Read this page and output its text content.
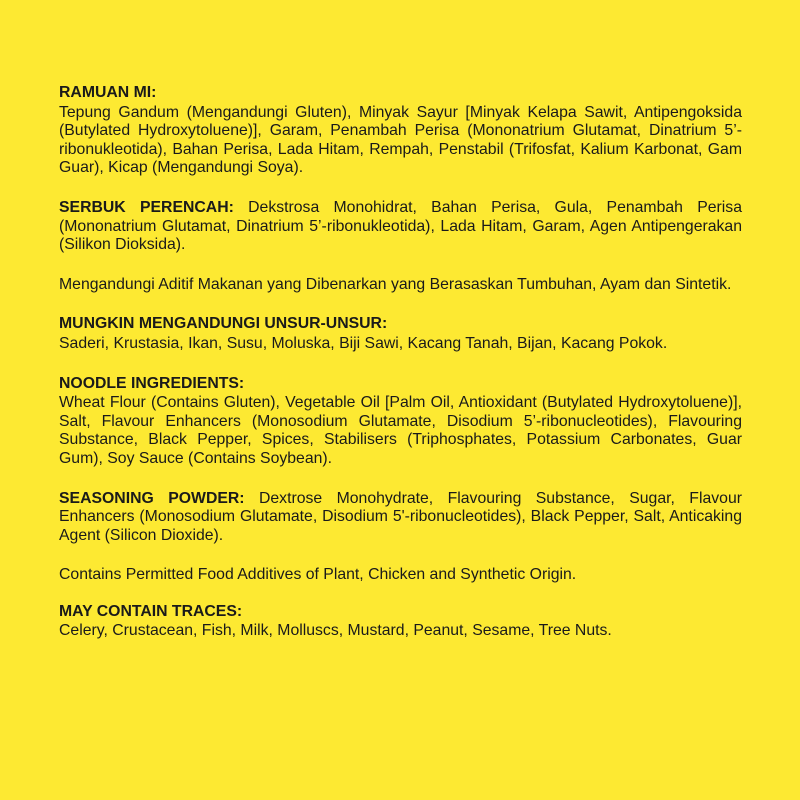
RAMUAN MI:
Tepung Gandum (Mengandungi Gluten), Minyak Sayur [Minyak Kelapa Sawit, Antipengoksida (Butylated Hydroxytoluene)], Garam, Penambah Perisa (Mononatrium Glutamat, Dinatrium 5’-ribonukleotida), Bahan Perisa, Lada Hitam, Rempah, Penstabil (Trifosfat, Kalium Karbonat, Gam Guar), Kicap (Mengandungi Soya).
SERBUK PERENCAH: Dekstrosa Monohidrat, Bahan Perisa, Gula, Penambah Perisa (Mononatrium Glutamat, Dinatrium 5’-ribonukleotida), Lada Hitam, Garam, Agen Antipengerakan (Silikon Dioksida).
Mengandungi Aditif Makanan yang Dibenarkan yang Berasaskan Tumbuhan, Ayam dan Sintetik.
MUNGKIN MENGANDUNGI UNSUR-UNSUR:
Saderi, Krustasia, Ikan, Susu, Moluska, Biji Sawi, Kacang Tanah, Bijan, Kacang Pokok.
NOODLE INGREDIENTS:
Wheat Flour (Contains Gluten), Vegetable Oil [Palm Oil, Antioxidant (Butylated Hydroxytoluene)], Salt, Flavour Enhancers (Monosodium Glutamate, Disodium 5’-ribonucleotides), Flavouring Substance, Black Pepper, Spices, Stabilisers (Triphosphates, Potassium Carbonates, Guar Gum), Soy Sauce (Contains Soybean).
SEASONING POWDER: Dextrose Monohydrate, Flavouring Substance, Sugar, Flavour Enhancers (Monosodium Glutamate, Disodium 5'-ribonucleotides), Black Pepper, Salt, Anticaking Agent (Silicon Dioxide).
Contains Permitted Food Additives of Plant, Chicken and Synthetic Origin.
MAY CONTAIN TRACES:
Celery, Crustacean, Fish, Milk, Molluscs, Mustard, Peanut, Sesame, Tree Nuts.
